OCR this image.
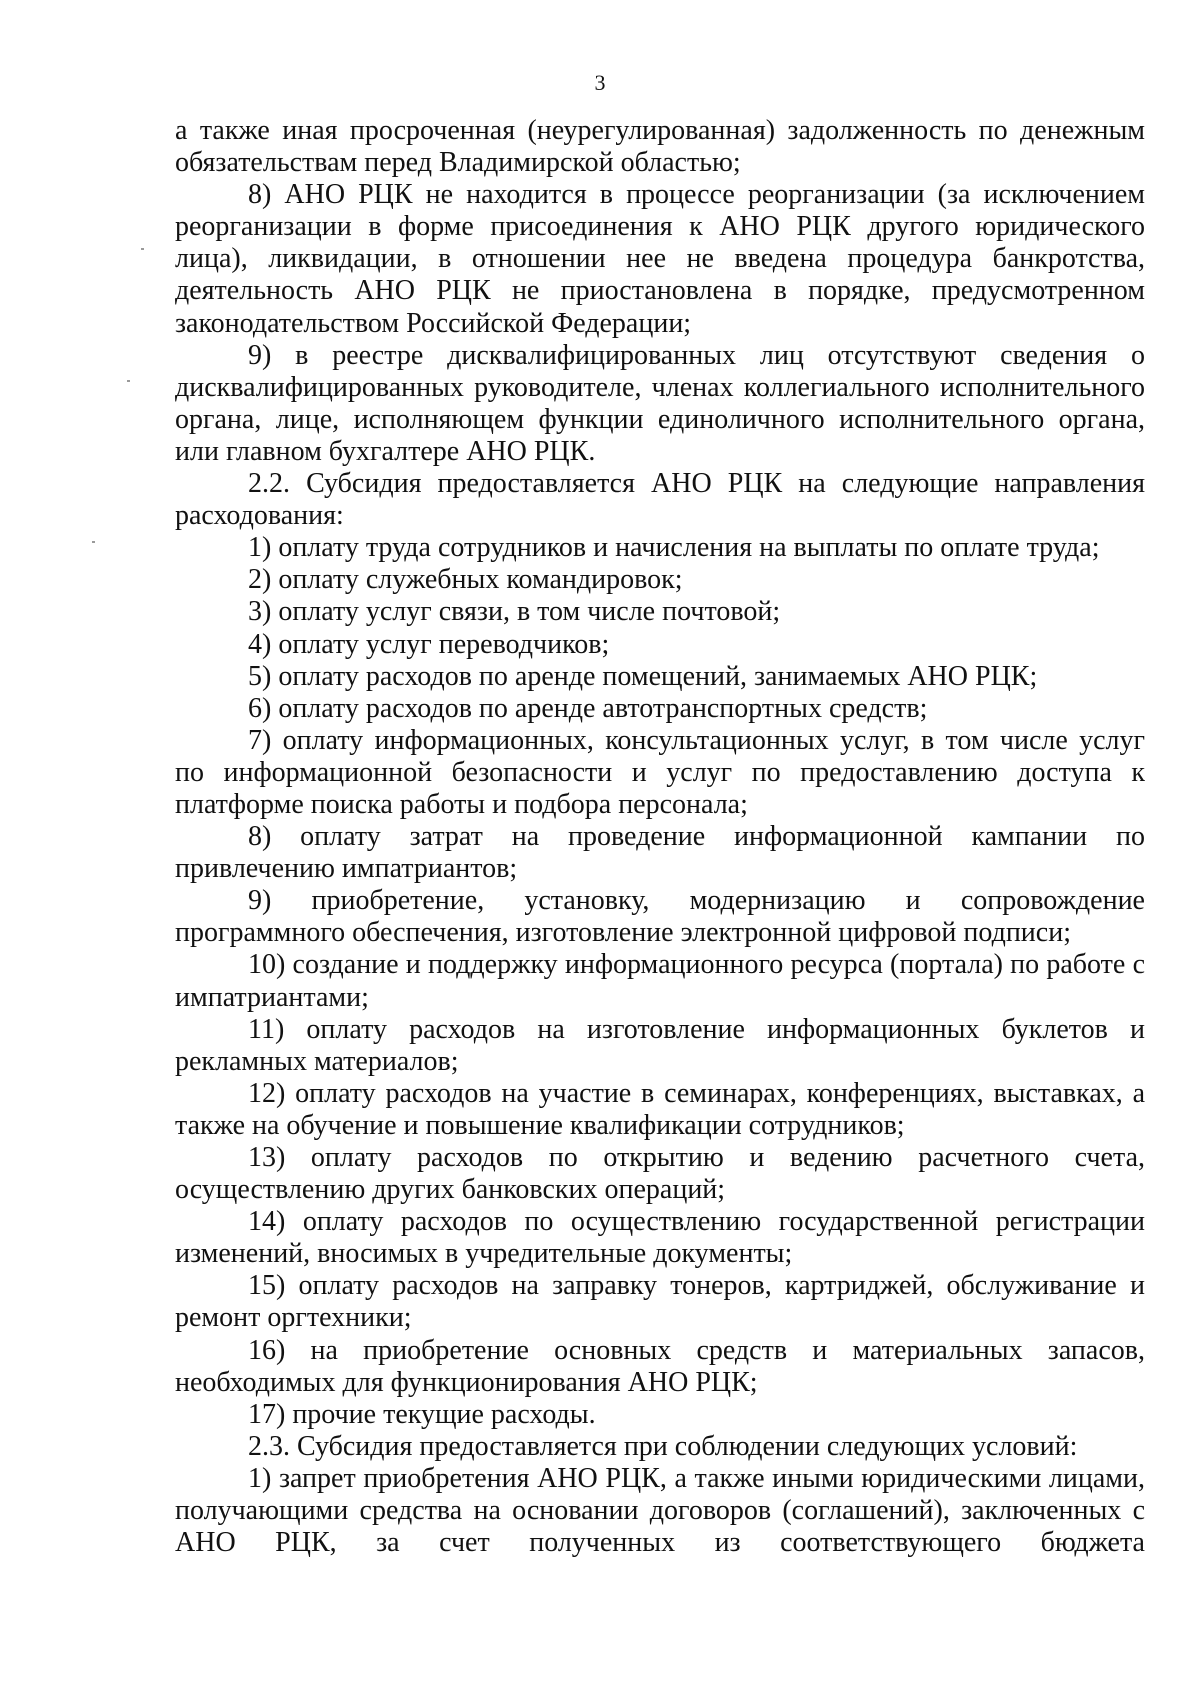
3

а также иная просроченная (неурегулированная) задолженность по денежным обязательствам перед Владимирской областью;

8) АНО РЦК не находится в процессе реорганизации (за исключением реорганизации в форме присоединения к АНО РЦК другого юридического лица), ликвидации, в отношении нее не введена процедура банкротства, деятельность АНО РЦК не приостановлена в порядке, предусмотренном законодательством Российской Федерации;

9) в реестре дисквалифицированных лиц отсутствуют сведения о дисквалифицированных руководителе, членах коллегиального исполнительного органа, лице, исполняющем функции единоличного исполнительного органа, или главном бухгалтере АНО РЦК.

2.2. Субсидия предоставляется АНО РЦК на следующие направления расходования:

1) оплату труда сотрудников и начисления на выплаты по оплате труда;

2) оплату служебных командировок;

3) оплату услуг связи, в том числе почтовой;

4) оплату услуг переводчиков;

5) оплату расходов по аренде помещений, занимаемых АНО РЦК;

6) оплату расходов по аренде автотранспортных средств;

7) оплату информационных, консультационных услуг, в том числе услуг по информационной безопасности и услуг по предоставлению доступа к платформе поиска работы и подбора персонала;

8) оплату затрат на проведение информационной кампании по привлечению импатриантов;

9) приобретение, установку, модернизацию и сопровождение программного обеспечения, изготовление электронной цифровой подписи;

10) создание и поддержку информационного ресурса (портала) по работе с импатриантами;

11) оплату расходов на изготовление информационных буклетов и рекламных материалов;

12) оплату расходов на участие в семинарах, конференциях, выставках, а также на обучение и повышение квалификации сотрудников;

13) оплату расходов по открытию и ведению расчетного счета, осуществлению других банковских операций;

14) оплату расходов по осуществлению государственной регистрации изменений, вносимых в учредительные документы;

15) оплату расходов на заправку тонеров, картриджей, обслуживание и ремонт оргтехники;

16) на приобретение основных средств и материальных запасов, необходимых для функционирования АНО РЦК;

17) прочие текущие расходы.

2.3. Субсидия предоставляется при соблюдении следующих условий:

1) запрет приобретения АНО РЦК, а также иными юридическими лицами, получающими средства на основании договоров (соглашений), заключенных с АНО РЦК, за счет полученных из соответствующего бюджета
